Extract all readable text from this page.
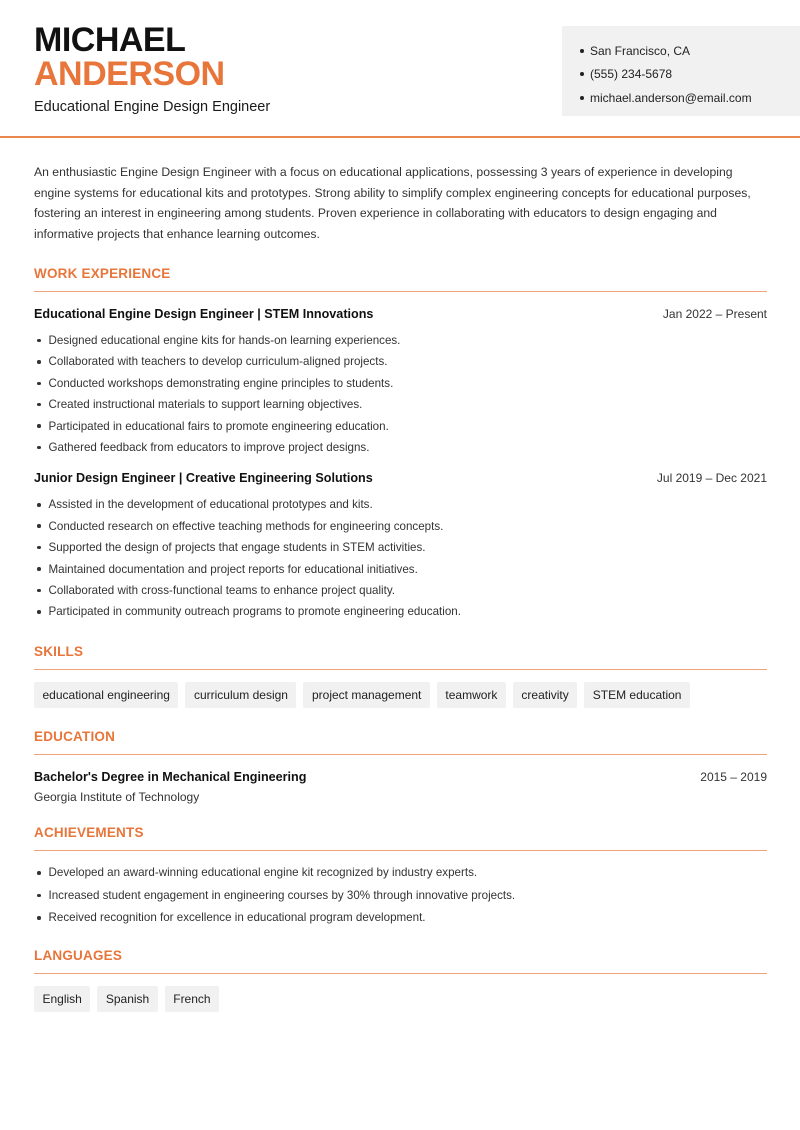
MICHAEL
ANDERSON
Educational Engine Design Engineer
San Francisco, CA
(555) 234-5678
michael.anderson@email.com

An enthusiastic Engine Design Engineer with a focus on educational applications, possessing 3 years of experience in developing engine systems for educational kits and prototypes. Strong ability to simplify complex engineering concepts for educational purposes, fostering an interest in engineering among students. Proven experience in collaborating with educators to design engaging and informative projects that enhance learning outcomes.

WORK EXPERIENCE
Educational Engine Design Engineer | STEM Innovations	Jan 2022 – Present
Designed educational engine kits for hands-on learning experiences.
Collaborated with teachers to develop curriculum-aligned projects.
Conducted workshops demonstrating engine principles to students.
Created instructional materials to support learning objectives.
Participated in educational fairs to promote engineering education.
Gathered feedback from educators to improve project designs.
Junior Design Engineer | Creative Engineering Solutions	Jul 2019 – Dec 2021
Assisted in the development of educational prototypes and kits.
Conducted research on effective teaching methods for engineering concepts.
Supported the design of projects that engage students in STEM activities.
Maintained documentation and project reports for educational initiatives.
Collaborated with cross-functional teams to enhance project quality.
Participated in community outreach programs to promote engineering education.
SKILLS
educational engineering	curriculum design	project management	teamwork	creativity	STEM education
EDUCATION
Bachelor's Degree in Mechanical Engineering	2015 – 2019
Georgia Institute of Technology
ACHIEVEMENTS
Developed an award-winning educational engine kit recognized by industry experts.
Increased student engagement in engineering courses by 30% through innovative projects.
Received recognition for excellence in educational program development.
LANGUAGES
English	Spanish	French
